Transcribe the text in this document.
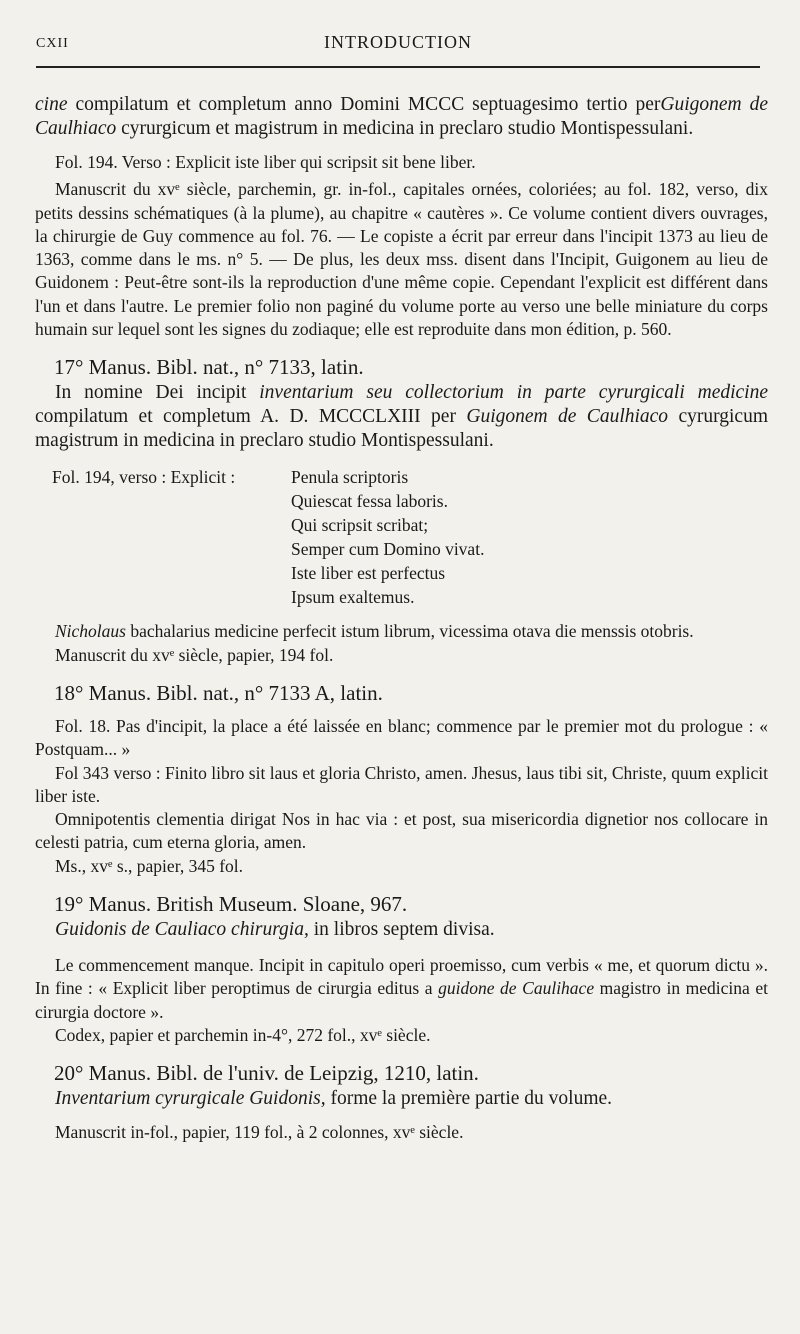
CXII	INTRODUCTION

cine compilatum et completum anno Domini MCCC septuagesimo tertio perGuigonem de Caulhiaco cyrurgicum et magistrum in medicina in preclaro studio Montispessulani.

Fol. 194. Verso : Explicit iste liber qui scripsit sit bene liber.

Manuscrit du xvᵉ siècle, parchemin, gr. in-fol., capitales ornées, coloriées; au fol. 182, verso, dix petits dessins schématiques (à la plume), au chapitre « cautères ». Ce volume contient divers ouvrages, la chirurgie de Guy commence au fol. 76. — Le copiste a écrit par erreur dans l'incipit 1373 au lieu de 1363, comme dans le ms. n° 5. — De plus, les deux mss. disent dans l'Incipit, Guigonem au lieu de Guidonem : Peut-être sont-ils la reproduction d'une même copie. Cependant l'explicit est différent dans l'un et dans l'autre. Le premier folio non paginé du volume porte au verso une belle miniature du corps humain sur lequel sont les signes du zodiaque; elle est reproduite dans mon édition, p. 560.

17° Manus. Bibl. nat., n° 7133, latin.

In nomine Dei incipit inventarium seu collectorium in parte cyrurgicali medicine compilatum et completum A. D. MCCCLXIII per Guigonem de Caulhiaco cyrurgicum magistrum in medicina in preclaro studio Montispessulani.

Fol. 194, verso : Explicit :	Penula scriptoris
Quiescat fessa laboris.
Qui scripsit scribat;
Semper cum Domino vivat.
Iste liber est perfectus
Ipsum exaltemus.

Nicholaus bachalarius medicine perfecit istum librum, vicessima otava die menssis otobris.

Manuscrit du xvᵉ siècle, papier, 194 fol.

18° Manus. Bibl. nat., n° 7133 A, latin.

Fol. 18. Pas d'incipit, la place a été laissée en blanc; commence par le premier mot du prologue : « Postquam... »

Fol 343 verso : Finito libro sit laus et gloria Christo, amen. Jhesus, laus tibi sit, Christe, quum explicit liber iste.

Omnipotentis clementia dirigat Nos in hac via : et post, sua misericordia dignetior nos collocare in celesti patria, cum eterna gloria, amen.

Ms., xvᵉ s., papier, 345 fol.

19° Manus. British Museum. Sloane, 967.

Guidonis de Cauliaco chirurgia, in libros septem divisa.

Le commencement manque. Incipit in capitulo operi proemisso, cum verbis « me, et quorum dictu ». In fine : « Explicit liber peroptimus de cirurgia editus a guidone de Caulihace magistro in medicina et cirurgia doctore ».

Codex, papier et parchemin in-4°, 272 fol., xvᵉ siècle.

20° Manus. Bibl. de l'univ. de Leipzig, 1210, latin.

Inventarium cyrurgicale Guidonis, forme la première partie du volume.

Manuscrit in-fol., papier, 119 fol., à 2 colonnes, xvᵉ siècle.
